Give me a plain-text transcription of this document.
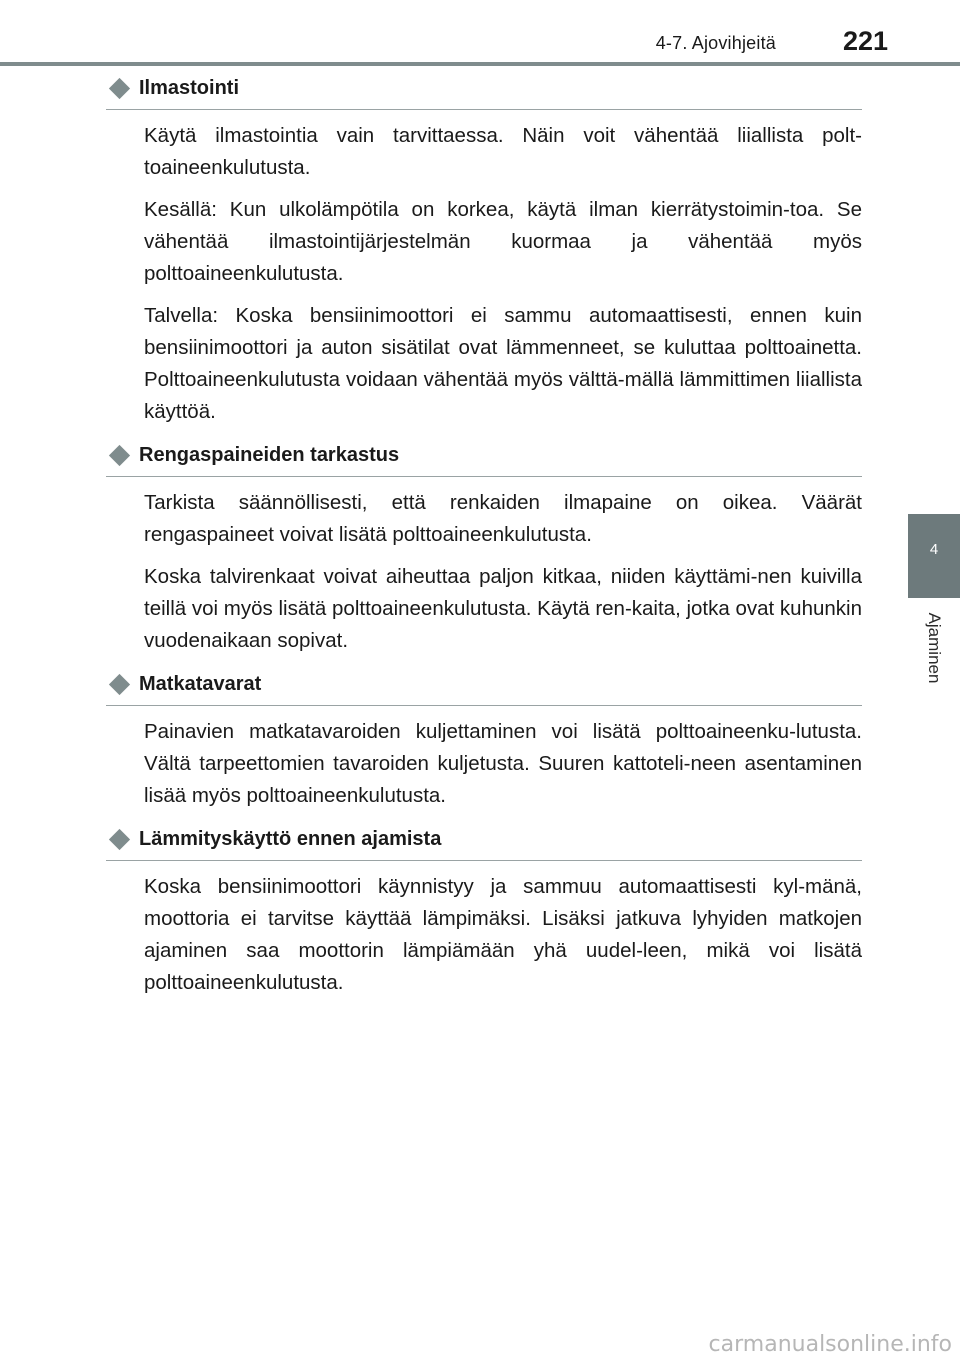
4-7. Ajovihjeitä 221
4
Ajaminen
Ilmastointi

Käytä ilmastointia vain tarvittaessa. Näin voit vähentää liiallista polt-toaineenkulutusta.

Kesällä: Kun ulkolämpötila on korkea, käytä ilman kierrätystoimin-toa. Se vähentää ilmastointijärjestelmän kuormaa ja vähentää myös polttoaineenkulutusta.

Talvella: Koska bensiinimoottori ei sammu automaattisesti, ennen kuin bensiinimoottori ja auton sisätilat ovat lämmenneet, se kuluttaa polttoainetta. Polttoaineenkulutusta voidaan vähentää myös välttä-mällä lämmittimen liiallista käyttöä.

Rengaspaineiden tarkastus

Tarkista säännöllisesti, että renkaiden ilmapaine on oikea. Väärät rengaspaineet voivat lisätä polttoaineenkulutusta.

Koska talvirenkaat voivat aiheuttaa paljon kitkaa, niiden käyttämi-nen kuivilla teillä voi myös lisätä polttoaineenkulutusta. Käytä ren-kaita, jotka ovat kuhunkin vuodenaikaan sopivat.

Matkatavarat

Painavien matkatavaroiden kuljettaminen voi lisätä polttoaineenku-lutusta. Vältä tarpeettomien tavaroiden kuljetusta. Suuren kattoteli-neen asentaminen lisää myös polttoaineenkulutusta.

Lämmityskäyttö ennen ajamista

Koska bensiinimoottori käynnistyy ja sammuu automaattisesti kyl-mänä, moottoria ei tarvitse käyttää lämpimäksi. Lisäksi jatkuva lyhyiden matkojen ajaminen saa moottorin lämpiämään yhä uudel-leen, mikä voi lisätä polttoaineenkulutusta.

carmanualsonline.info
